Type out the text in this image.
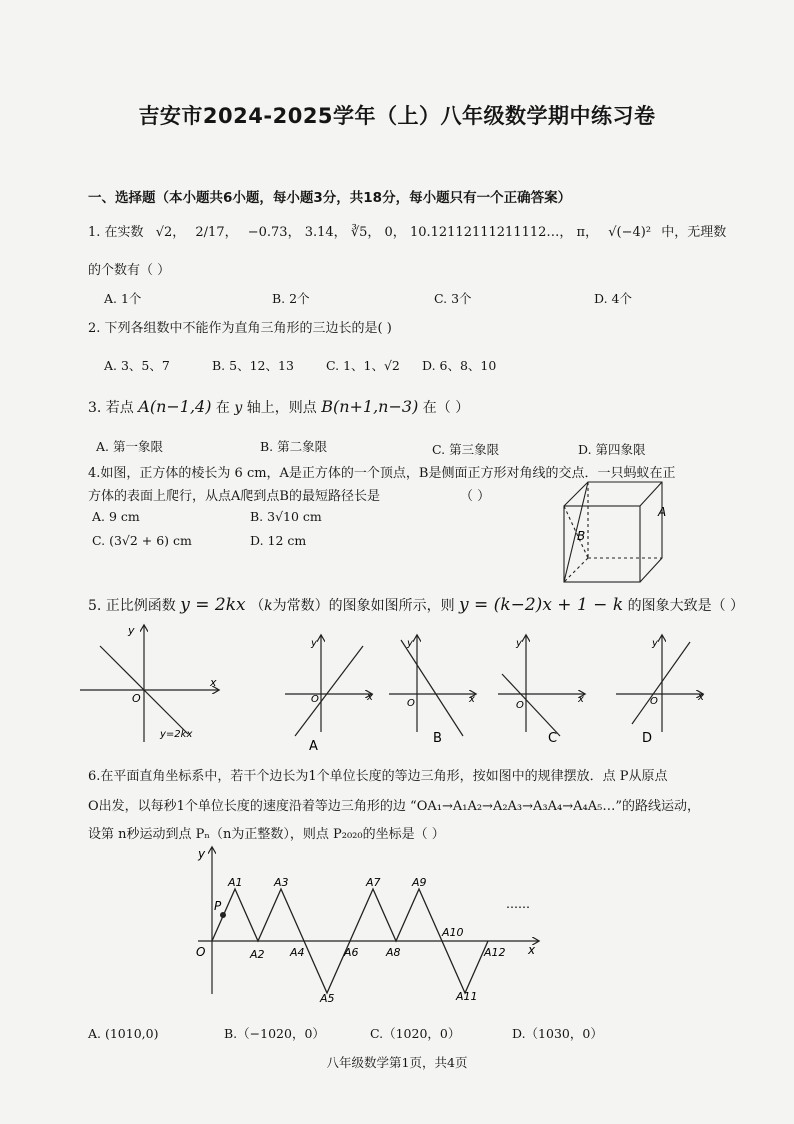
吉安市2024-2025学年（上）八年级数学期中练习卷
一、选择题（本小题共6小题，每小题3分，共18分，每小题只有一个正确答案）
1. 在实数 √2， 2/17， −0.73， 3.14， ∛5， 0， 10.12112111211112…， π， √(−4)² 中，无理数
的个数有（ ）
A. 1个	B. 2个	C. 3个	D. 4个
2. 下列各组数中不能作为直角三角形的三边长的是( )
A. 3、5、7	B. 5、12、13	C. 1、1、√2 D. 6、8、10
3. 若点 A(n−1,4) 在 y 轴上，则点 B(n+1,n−3) 在（ ）
A. 第一象限	B. 第二象限	C. 第三象限	D. 第四象限
4.如图，正方体的棱长为 6 cm，A是正方体的一个顶点，B是侧面正方形对角线的交点．一只蚂蚁在正
方体的表面上爬行，从点A爬到点B的最短路径长是	（ ）
A. 9 cm	B. 3√10 cm
C. (3√2 + 6) cm	D. 12 cm
A
B
5. 正比例函数 y = 2kx （k为常数）的图象如图所示，则 y = (k−2)x + 1 − k 的图象大致是（ ）
x
y
O
y=2kx
x
y
O
A
x
y
O
B
x
y
O
C
x
y
O
D
6.在平面直角坐标系中，若干个边长为1个单位长度的等边三角形，按如图中的规律摆放．点 P从原点
O出发，以每秒1个单位长度的速度沿着等边三角形的边 “OA₁→A₁A₂→A₂A₃→A₃A₄→A₄A₅…”的路线运动，
设第 n秒运动到点 Pₙ（n为正整数），则点 P₂₀₂₀的坐标是（ ）
P
O	x
y
……
A1
A2
A3
A4
A5
A6
A7
A8
A9
A10
A11
A12
A. (1010,0)	B.（−1020，0）	C.（1020，0）	D.（1030，0）
八年级数学第1页，共4页
